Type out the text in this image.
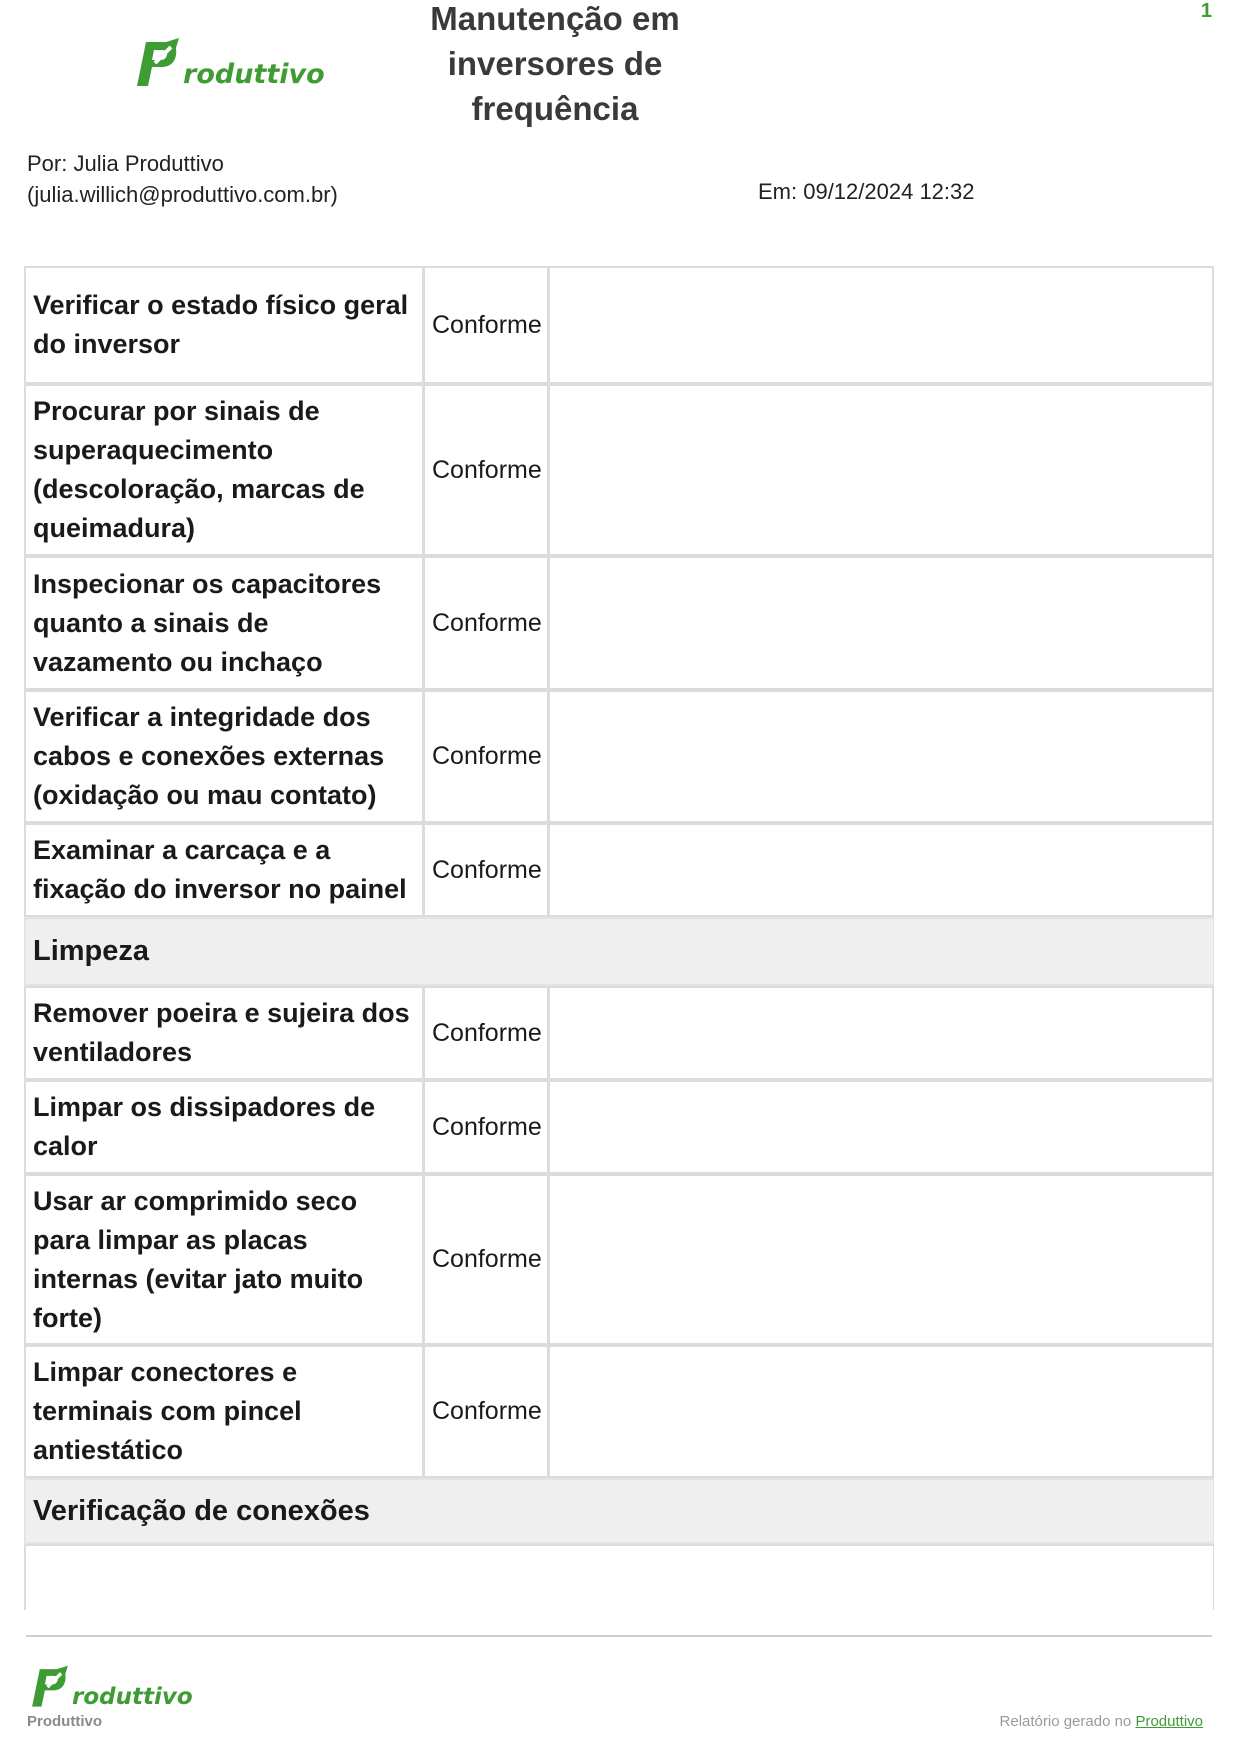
roduttivo
Manutenção em inversores de frequência
1
Por: Julia Produttivo
(julia.willich@produttivo.com.br)	Em: 09/12/2024 12:32
Verificar o estado físico geral do inversor	Conforme	
Procurar por sinais de superaquecimento (descoloração, marcas de queimadura)	Conforme	
Inspecionar os capacitores quanto a sinais de vazamento ou inchaço	Conforme	
Verificar a integridade dos cabos e conexões externas (oxidação ou mau contato)	Conforme	
Examinar a carcaça e a fixação do inversor no painel	Conforme	
Limpeza		
Remover poeira e sujeira dos ventiladores	Conforme	
Limpar os dissipadores de calor	Conforme	
Usar ar comprimido seco para limpar as placas internas (evitar jato muito forte)	Conforme	
Limpar conectores e terminais com pincel antiestático	Conforme	
Verificação de conexões		

roduttivo
Produttivo	Relatório gerado no Produttivo
